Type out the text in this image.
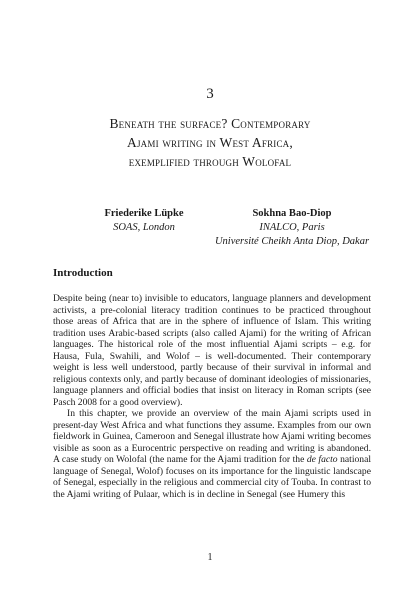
3
Beneath the surface? Contemporary
Ajami writing in West Africa,
exemplified through Wolofal
Friederike Lüpke
SOAS, London
Sokhna Bao-Diop
INALCO, Paris
Université Cheikh Anta Diop, Dakar
Introduction

Despite being (near to) invisible to educators, language planners and development activists, a pre-colonial literacy tradition continues to be practiced throughout those areas of Africa that are in the sphere of influence of Islam. This writing tradition uses Arabic-based scripts (also called Ajami) for the writing of African languages. The historical role of the most influential Ajami scripts – e.g. for Hausa, Fula, Swahili, and Wolof – is well-documented. Their contemporary weight is less well understood, partly because of their survival in informal and religious contexts only, and partly because of dominant ideologies of missionaries, language planners and official bodies that insist on literacy in Roman scripts (see Pasch 2008 for a good overview).

In this chapter, we provide an overview of the main Ajami scripts used in present-day West Africa and what functions they assume. Examples from our own fieldwork in Guinea, Cameroon and Senegal illustrate how Ajami writing becomes visible as soon as a Eurocentric perspective on reading and writing is abandoned. A case study on Wolofal (the name for the Ajami tradition for the de facto national language of Senegal, Wolof) focuses on its importance for the linguistic landscape of Senegal, especially in the religious and commercial city of Touba. In contrast to the Ajami writing of Pulaar, which is in decline in Senegal (see Humery this

1
